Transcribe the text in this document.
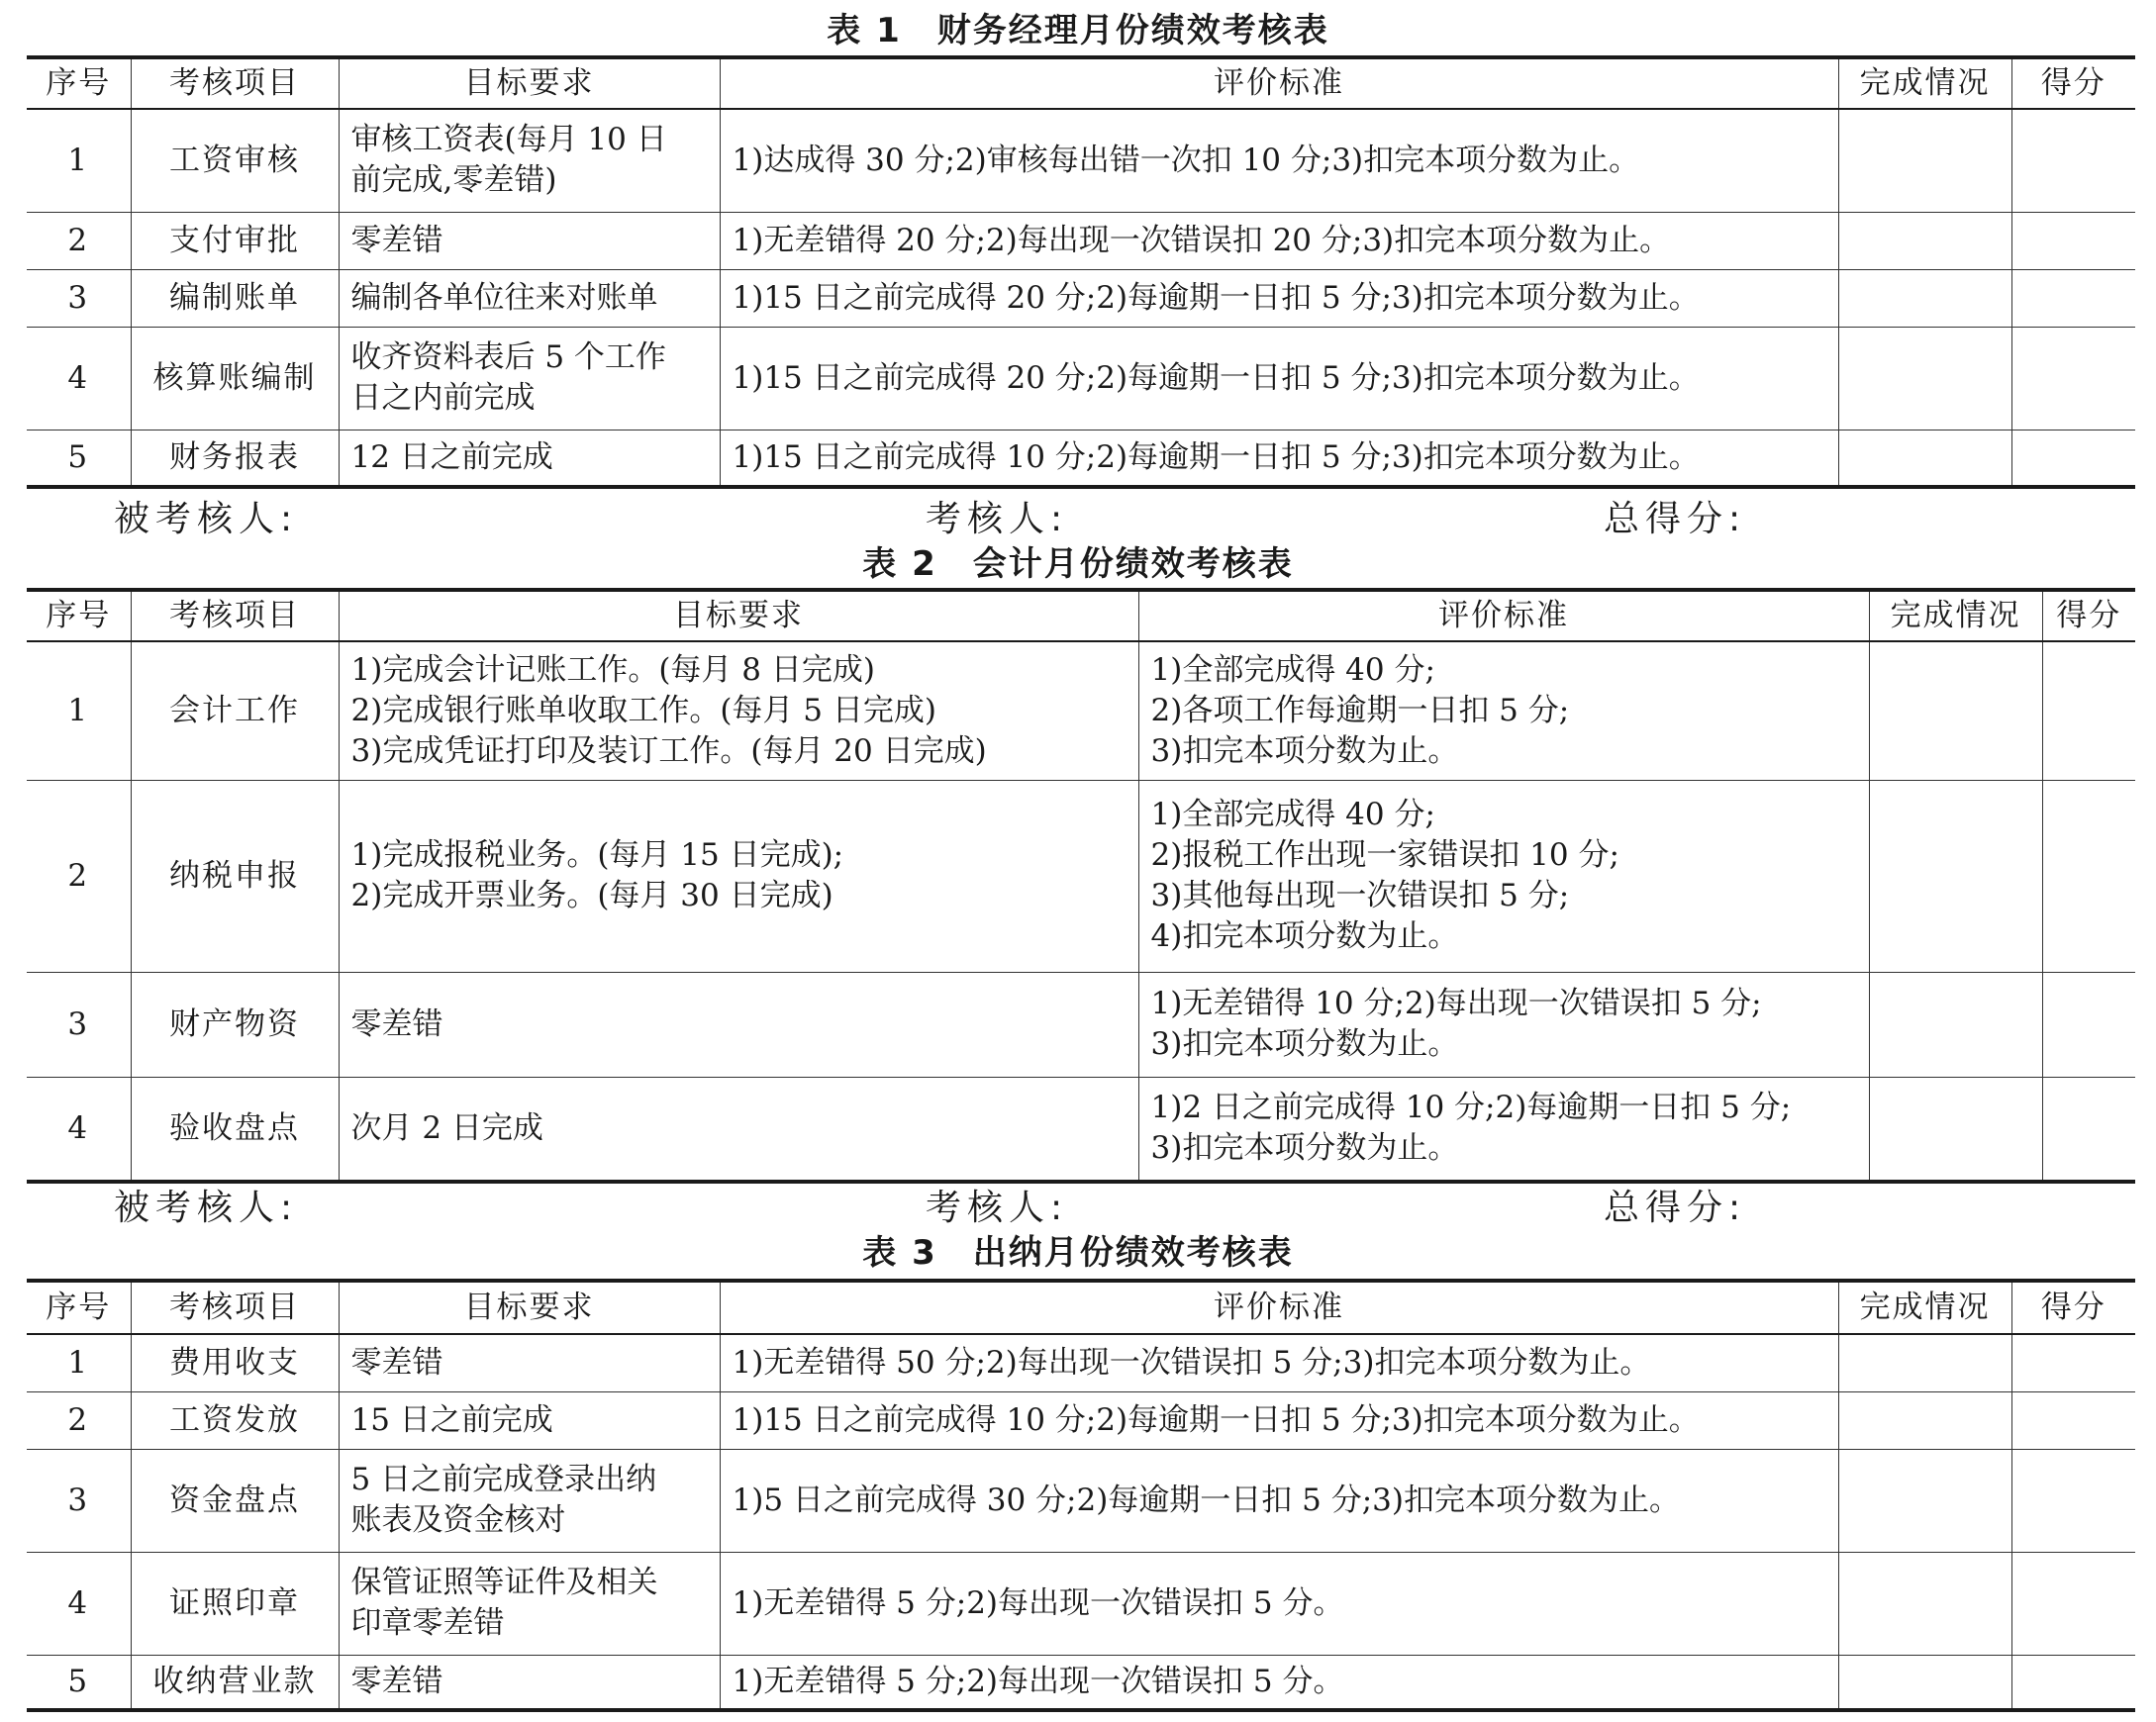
表 1 财务经理月份绩效考核表
序号	考核项目	目标要求	评价标准	完成情况	得分
1	工资审核	审核工资表(每月 10 日
前完成,零差错)	1)达成得 30 分;2)审核每出错一次扣 10 分;3)扣完本项分数为止。		
2	支付审批	零差错	1)无差错得 20 分;2)每出现一次错误扣 20 分;3)扣完本项分数为止。		
3	编制账单	编制各单位往来对账单	1)15 日之前完成得 20 分;2)每逾期一日扣 5 分;3)扣完本项分数为止。		
4	核算账编制	收齐资料表后 5 个工作
日之内前完成	1)15 日之前完成得 20 分;2)每逾期一日扣 5 分;3)扣完本项分数为止。		
5	财务报表	12 日之前完成	1)15 日之前完成得 10 分;2)每逾期一日扣 5 分;3)扣完本项分数为止。		
被考核人:	考核人:	总得分:
表 2 会计月份绩效考核表
序号	考核项目	目标要求	评价标准	完成情况	得分
1	会计工作	1)完成会计记账工作。(每月 8 日完成)
2)完成银行账单收取工作。(每月 5 日完成)
3)完成凭证打印及装订工作。(每月 20 日完成)	1)全部完成得 40 分;
2)各项工作每逾期一日扣 5 分;
3)扣完本项分数为止。		
2	纳税申报	1)完成报税业务。(每月 15 日完成);
2)完成开票业务。(每月 30 日完成)	1)全部完成得 40 分;
2)报税工作出现一家错误扣 10 分;
3)其他每出现一次错误扣 5 分;
4)扣完本项分数为止。		
3	财产物资	零差错	1)无差错得 10 分;2)每出现一次错误扣 5 分;
3)扣完本项分数为止。		
4	验收盘点	次月 2 日完成	1)2 日之前完成得 10 分;2)每逾期一日扣 5 分;
3)扣完本项分数为止。		
被考核人:	考核人:	总得分:
表 3 出纳月份绩效考核表
序号	考核项目	目标要求	评价标准	完成情况	得分
1	费用收支	零差错	1)无差错得 50 分;2)每出现一次错误扣 5 分;3)扣完本项分数为止。		
2	工资发放	15 日之前完成	1)15 日之前完成得 10 分;2)每逾期一日扣 5 分;3)扣完本项分数为止。		
3	资金盘点	5 日之前完成登录出纳
账表及资金核对	1)5 日之前完成得 30 分;2)每逾期一日扣 5 分;3)扣完本项分数为止。		
4	证照印章	保管证照等证件及相关
印章零差错	1)无差错得 5 分;2)每出现一次错误扣 5 分。		
5	收纳营业款	零差错	1)无差错得 5 分;2)每出现一次错误扣 5 分。		
